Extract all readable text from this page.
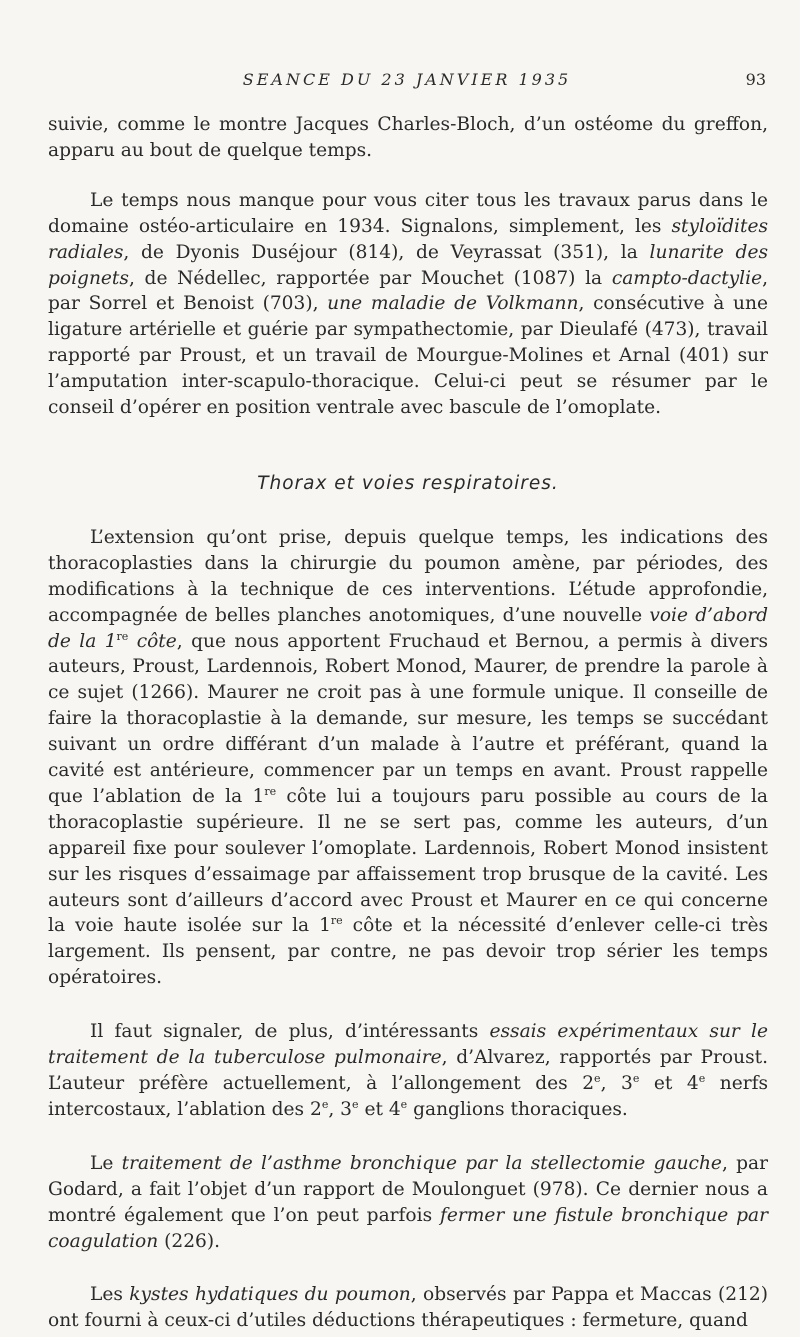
SEANCE DU 23 JANVIER 1935	93

suivie, comme le montre Jacques Charles-Bloch, d’un ostéome du greffon, apparu au bout de quelque temps.

Le temps nous manque pour vous citer tous les travaux parus dans le domaine ostéo-articulaire en 1934. Signalons, simplement, les styloïdites radiales, de Dyonis Duséjour (814), de Veyrassat (351), la lunarite des poignets, de Nédellec, rapportée par Mouchet (1087) la campto-dactylie, par Sorrel et Benoist (703), une maladie de Volkmann, consécutive à une ligature artérielle et guérie par sympathectomie, par Dieulafé (473), travail rapporté par Proust, et un travail de Mourgue-Molines et Arnal (401) sur l’amputation inter-scapulo-thoracique. Celui-ci peut se résumer par le conseil d’opérer en position ventrale avec bascule de l’omoplate.

Thorax et voies respiratoires.

L’extension qu’ont prise, depuis quelque temps, les indications des thoracoplasties dans la chirurgie du poumon amène, par périodes, des modifications à la technique de ces interventions. L’étude approfondie, accompagnée de belles planches anotomiques, d’une nouvelle voie d’abord de la 1re côte, que nous apportent Fruchaud et Bernou, a permis à divers auteurs, Proust, Lardennois, Robert Monod, Maurer, de prendre la parole à ce sujet (1266). Maurer ne croit pas à une formule unique. Il conseille de faire la thoracoplastie à la demande, sur mesure, les temps se succédant suivant un ordre différant d’un malade à l’autre et préférant, quand la cavité est antérieure, commencer par un temps en avant. Proust rappelle que l’ablation de la 1re côte lui a toujours paru possible au cours de la thoracoplastie supérieure. Il ne se sert pas, comme les auteurs, d’un appareil fixe pour soulever l’omoplate. Lardennois, Robert Monod insistent sur les risques d’essaimage par affaissement trop brusque de la cavité. Les auteurs sont d’ailleurs d’accord avec Proust et Maurer en ce qui concerne la voie haute isolée sur la 1re côte et la nécessité d’enlever celle-ci très largement. Ils pensent, par contre, ne pas devoir trop sérier les temps opératoires.

Il faut signaler, de plus, d’intéressants essais expérimentaux sur le traitement de la tuberculose pulmonaire, d’Alvarez, rapportés par Proust. L’auteur préfère actuellement, à l’allongement des 2e, 3e et 4e nerfs intercostaux, l’ablation des 2e, 3e et 4e ganglions thoraciques.

Le traitement de l’asthme bronchique par la stellectomie gauche, par Godard, a fait l’objet d’un rapport de Moulonguet (978). Ce dernier nous a montré également que l’on peut parfois fermer une fistule bronchique par coagulation (226).

Les kystes hydatiques du poumon, observés par Pappa et Maccas (212) ont fourni à ceux-ci d’utiles déductions thérapeutiques : fermeture, quand
